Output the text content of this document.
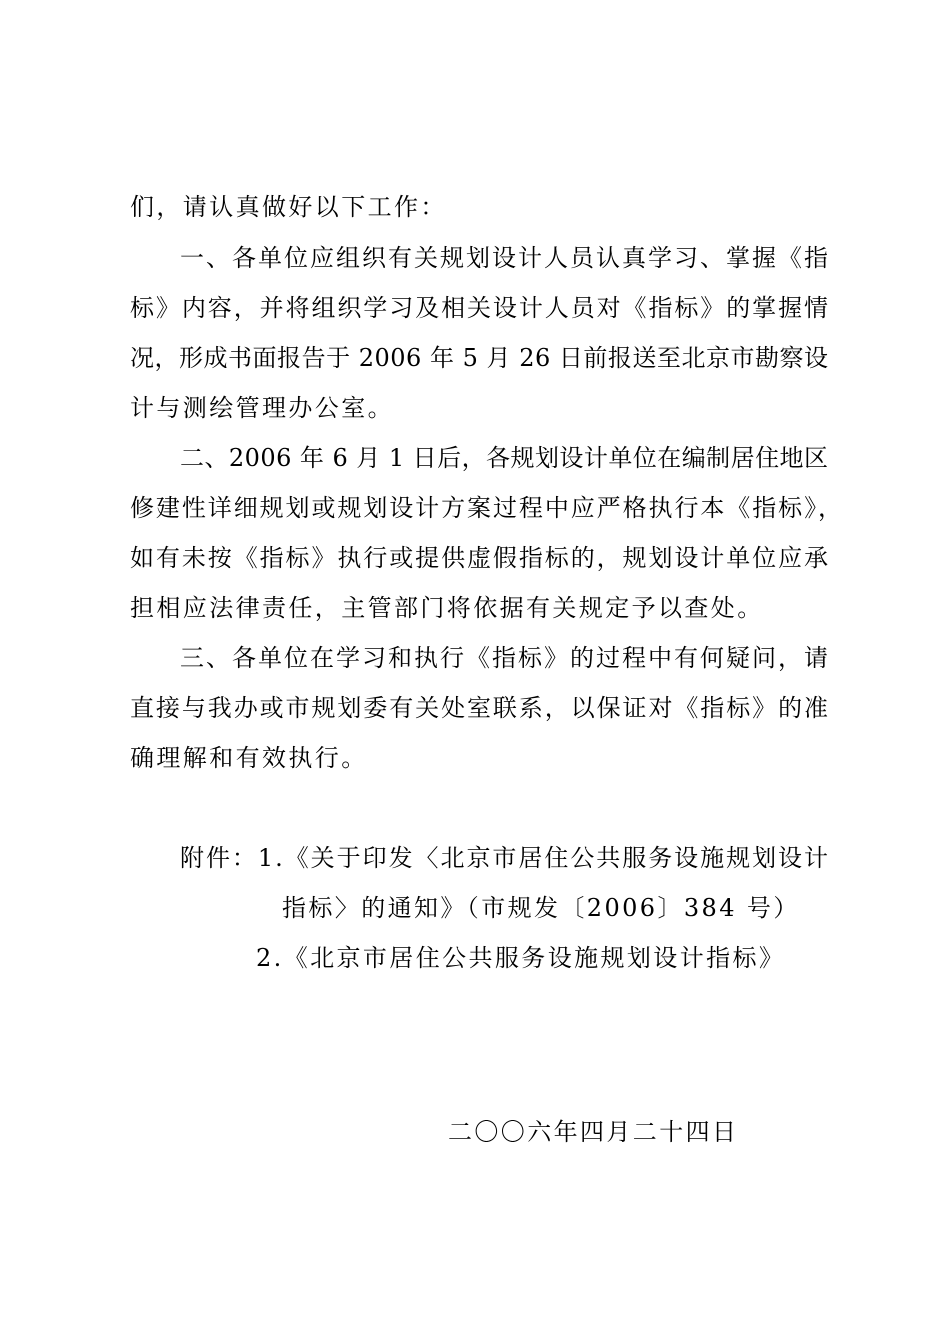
们，请认真做好以下工作：
一、各单位应组织有关规划设计人员认真学习、掌握《指
标》内容，并将组织学习及相关设计人员对《指标》的掌握情
况，形成书面报告于 2006 年 5 月 26 日前报送至北京市勘察设
计与测绘管理办公室。
二、2006 年 6 月 1 日后，各规划设计单位在编制居住地区
修建性详细规划或规划设计方案过程中应严格执行本《指标》，
如有未按《指标》执行或提供虚假指标的，规划设计单位应承
担相应法律责任，主管部门将依据有关规定予以查处。
三、各单位在学习和执行《指标》的过程中有何疑问，请
直接与我办或市规划委有关处室联系，以保证对《指标》的准
确理解和有效执行。
附件：1.《关于印发〈北京市居住公共服务设施规划设计
指标〉的通知》（市规发〔2006〕384 号）
2.《北京市居住公共服务设施规划设计指标》
二〇〇六年四月二十四日
